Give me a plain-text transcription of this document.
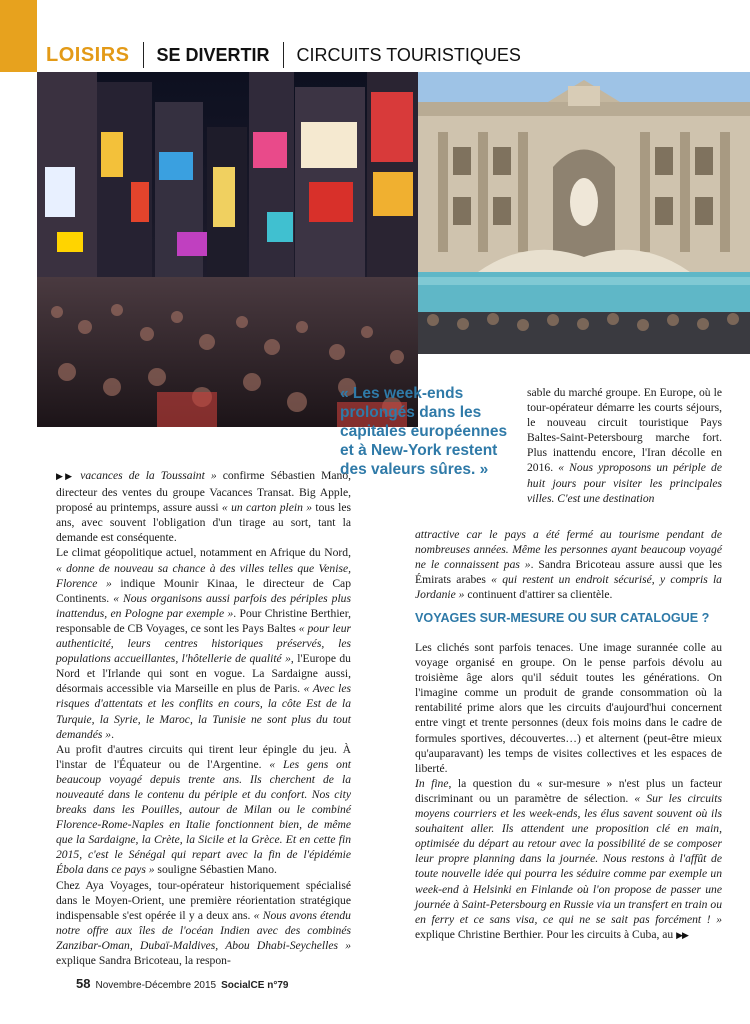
LOISIRS SE DIVERTIR CIRCUITS TOURISTIQUES
« Les week-ends prolongés dans les capitales européennes et à New-York restent des valeurs sûres. »

▶▶ vacances de la Toussaint » confirme Sébastien Mano, directeur des ventes du groupe Vacances Transat. Big Apple, proposé au printemps, assure aussi « un carton plein » tous les ans, avec souvent l'obligation d'un tirage au sort, tant la demande est conséquente.
Le climat géopolitique actuel, notamment en Afrique du Nord, « donne de nouveau sa chance à des villes telles que Venise, Florence » indique Mounir Kinaa, le directeur de Cap Continents. « Nous organisons aussi parfois des périples plus inattendus, en Pologne par exemple ». Pour Christine Berthier, responsable de CB Voyages, ce sont les Pays Baltes « pour leur authenticité, leurs centres historiques préservés, les populations accueillantes, l'hôtellerie de qualité », l'Europe du Nord et l'Irlande qui sont en vogue. La Sardaigne aussi, désormais accessible via Marseille en plus de Paris. « Avec les risques d'attentats et les conflits en cours, la côte Est de la Turquie, la Syrie, le Maroc, la Tunisie ne sont plus du tout demandés ».
Au profit d'autres circuits qui tirent leur épingle du jeu. À l'instar de l'Équateur ou de l'Argentine. « Les gens ont beaucoup voyagé depuis trente ans. Ils cherchent de la nouveauté dans le contenu du périple et du confort. Nos city breaks dans les Pouilles, autour de Milan ou le combiné Florence-Rome-Naples en Italie fonctionnent bien, de même que la Sardaigne, la Crète, la Sicile et la Grèce. Et en cette fin 2015, c'est le Sénégal qui repart avec la fin de l'épidémie Ébola dans ce pays » souligne Sébastien Mano.
Chez Aya Voyages, tour-opérateur historiquement spécialisé dans le Moyen-Orient, une première réorientation stratégique indispensable s'est opérée il y a deux ans. « Nous avons étendu notre offre aux îles de l'océan Indien avec des combinés Zanzibar-Oman, Dubaï-Maldives, Abou Dhabi-Seychelles » explique Sandra Bricoteau, la respon-

sable du marché groupe. En Europe, où le tour-opérateur démarre les courts séjours, le nouveau circuit touristique Pays Baltes-Saint-Petersbourg marche fort. Plus inattendu encore, l'Iran décolle en 2016. « Nous yproposons un périple de huit jours pour visiter les principales villes. C'est une destination

attractive car le pays a été fermé au tourisme pendant de nombreuses années. Même les personnes ayant beaucoup voyagé ne le connaissent pas ». Sandra Bricoteau assure aussi que les Émirats arabes « qui restent un endroit sécurisé, y compris la Jordanie » continuent d'attirer sa clientèle.

VOYAGES SUR-MESURE OU SUR CATALOGUE ?

Les clichés sont parfois tenaces. Une image surannée colle au voyage organisé en groupe. On le pense parfois dévolu au troisième âge alors qu'il séduit toutes les générations. On l'imagine comme un produit de grande consommation où la rentabilité prime alors que les circuits d'aujourd'hui concernent entre vingt et trente personnes (deux fois moins dans le cadre de formules sportives, découvertes…) et alternent (peut-être mieux qu'auparavant) les temps de visites collectives et les espaces de liberté.
In fine, la question du « sur-mesure » n'est plus un facteur discriminant ou un paramètre de sélection. « Sur les circuits moyens courriers et les week-ends, les élus savent souvent où ils souhaitent aller. Ils attendent une proposition clé en main, optimisée du départ au retour avec la possibilité de se composer leur propre planning dans la journée. Nous restons à l'affût de toute nouvelle idée qui pourra les séduire comme par exemple un week-end à Helsinki en Finlande où l'on propose de passer une journée à Saint-Petersbourg en Russie via un transfert en train ou en ferry et ce sans visa, ce qui ne se sait pas forcément ! » explique Christine Berthier. Pour les circuits à Cuba, au ▶▶

58 Novembre-Décembre 2015 SocialCE n°79
